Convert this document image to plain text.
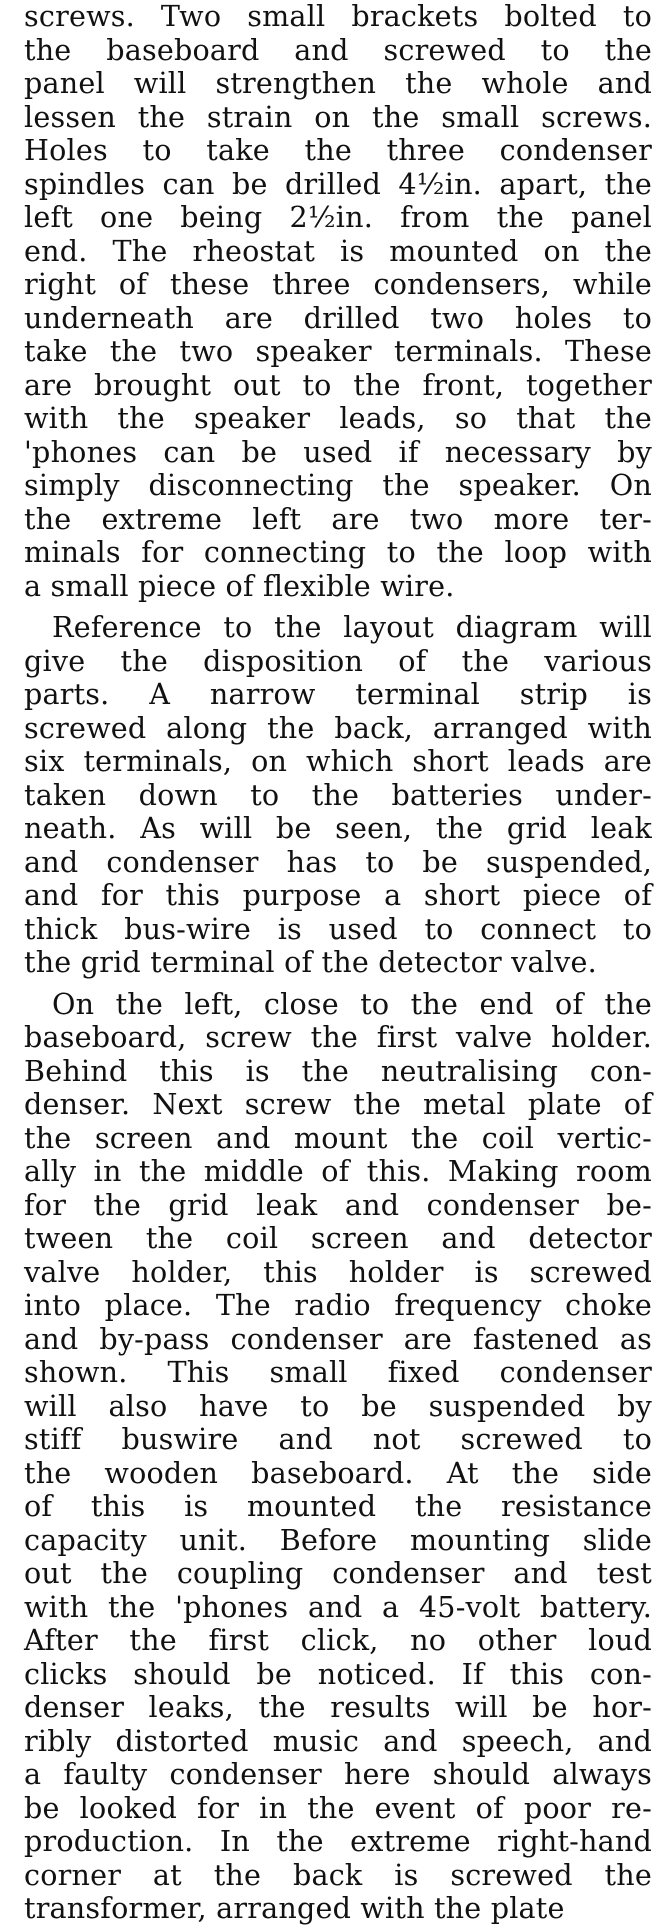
screws. Two small brackets bolted to
the baseboard and screwed to the
panel will strengthen the whole and
lessen the strain on the small screws.
Holes to take the three condenser
spindles can be drilled 4½in. apart, the
left one being 2½in. from the panel
end. The rheostat is mounted on the
right of these three condensers, while
underneath are drilled two holes to
take the two speaker terminals. These
are brought out to the front, together
with the speaker leads, so that the
'phones can be used if necessary by
simply disconnecting the speaker. On
the extreme left are two more ter-
minals for connecting to the loop with
a small piece of flexible wire.
Reference to the layout diagram will
give the disposition of the various
parts. A narrow terminal strip is
screwed along the back, arranged with
six terminals, on which short leads are
taken down to the batteries under-
neath. As will be seen, the grid leak
and condenser has to be suspended,
and for this purpose a short piece of
thick bus-wire is used to connect to
the grid terminal of the detector valve.
On the left, close to the end of the
baseboard, screw the first valve holder.
Behind this is the neutralising con-
denser. Next screw the metal plate of
the screen and mount the coil vertic-
ally in the middle of this. Making room
for the grid leak and condenser be-
tween the coil screen and detector
valve holder, this holder is screwed
into place. The radio frequency choke
and by-pass condenser are fastened as
shown. This small fixed condenser
will also have to be suspended by
stiff buswire and not screwed to
the wooden baseboard. At the side
of this is mounted the resistance
capacity unit. Before mounting slide
out the coupling condenser and test
with the 'phones and a 45-volt battery.
After the first click, no other loud
clicks should be noticed. If this con-
denser leaks, the results will be hor-
ribly distorted music and speech, and
a faulty condenser here should always
be looked for in the event of poor re-
production. In the extreme right-hand
corner at the back is screwed the
transformer, arranged with the plate
